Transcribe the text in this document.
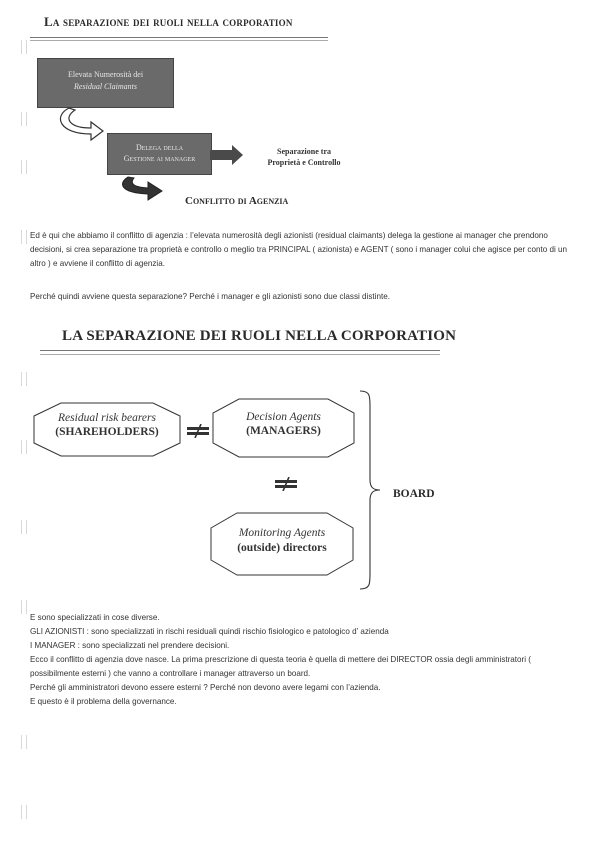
La separazione dei ruoli nella corporation
Elevata Numerosità dei
Residual Claimants
Delega della
Gestione ai manager
Separazione tra
Proprietà e Controllo
Conflitto di Agenzia

Ed è qui che abbiamo il conflitto di agenzia : l’elevata numerosità degli azionisti (residual claimants) delega la gestione ai manager che prendono decisioni, si crea separazione tra proprietà e controllo o meglio tra PRINCIPAL ( azionista) e AGENT ( sono i manager colui che agisce per conto di un altro ) e avviene il conflitto di agenzia.

Perché quindi avviene questa separazione? Perché i manager e gli azionisti sono due classi distinte.

LA SEPARAZIONE DEI RUOLI NELLA CORPORATION
Residual risk bearers
(SHAREHOLDERS)
Decision Agents
(MANAGERS)
Monitoring Agents
(outside) directors
BOARD

E sono specializzati in cose diverse.

GLI AZIONISTI : sono specializzati in rischi residuali quindi rischio fisiologico e patologico d’ azienda

I MANAGER : sono specializzati nel prendere decisioni.

Ecco il conflitto di agenzia dove nasce. La prima prescrizione di questa teoria è quella di mettere dei DIRECTOR ossia degli amministratori (

possibilmente esterni ) che vanno a controllare i manager attraverso un board.

Perché gli amministratori devono essere esterni ? Perché non devono avere legami con l’azienda.

E questo è il problema della governance.
